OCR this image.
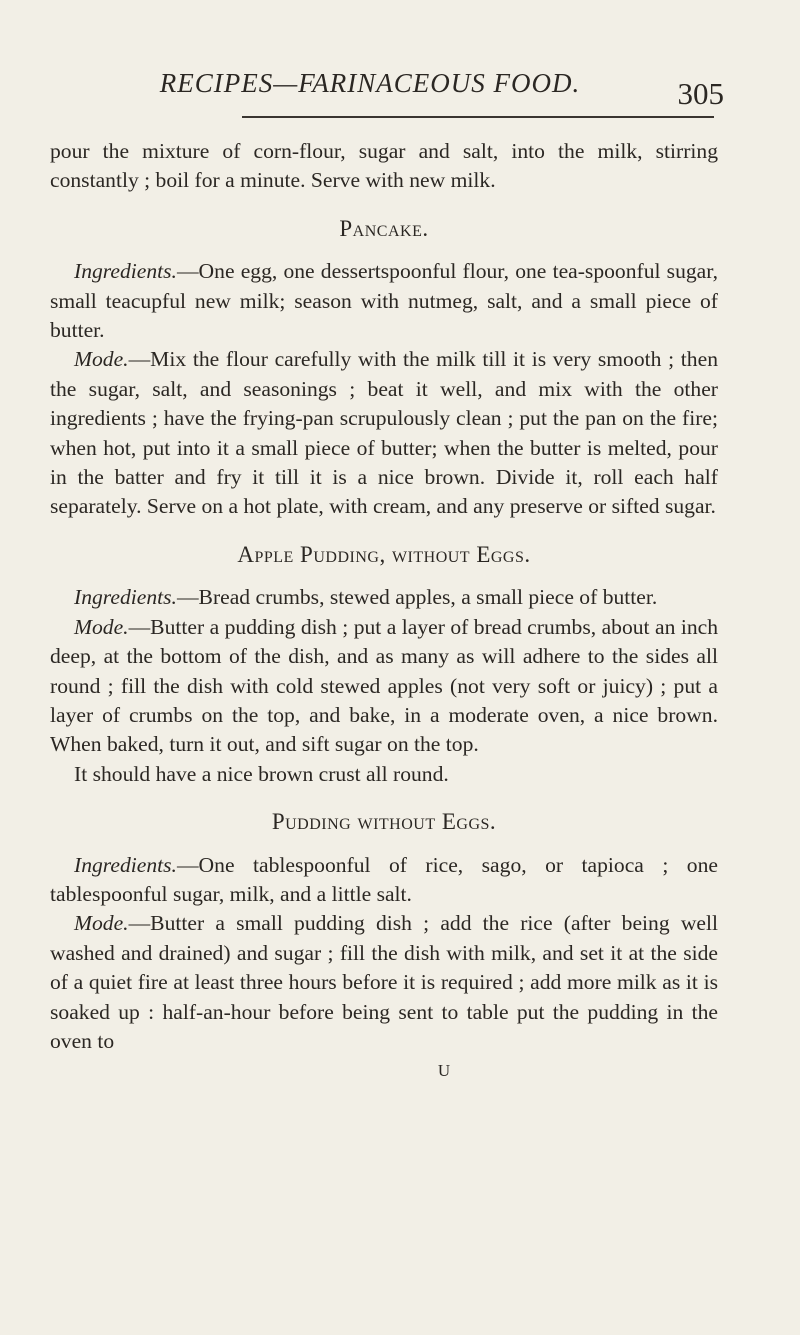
RECIPES—FARINACEOUS FOOD.	305

pour the mixture of corn-flour, sugar and salt, into the milk, stirring constantly ; boil for a minute. Serve with new milk.

Pancake.

Ingredients.—One egg, one dessertspoonful flour, one tea-spoonful sugar, small teacupful new milk; season with nutmeg, salt, and a small piece of butter.

Mode.—Mix the flour carefully with the milk till it is very smooth ; then the sugar, salt, and seasonings ; beat it well, and mix with the other ingredients ; have the frying-pan scrupulously clean ; put the pan on the fire; when hot, put into it a small piece of butter; when the butter is melted, pour in the batter and fry it till it is a nice brown. Divide it, roll each half separately. Serve on a hot plate, with cream, and any preserve or sifted sugar.

Apple Pudding, without Eggs.

Ingredients.—Bread crumbs, stewed apples, a small piece of butter.

Mode.—Butter a pudding dish ; put a layer of bread crumbs, about an inch deep, at the bottom of the dish, and as many as will adhere to the sides all round ; fill the dish with cold stewed apples (not very soft or juicy) ; put a layer of crumbs on the top, and bake, in a moderate oven, a nice brown. When baked, turn it out, and sift sugar on the top.

It should have a nice brown crust all round.

Pudding without Eggs.

Ingredients.—One tablespoonful of rice, sago, or tapioca ; one tablespoonful sugar, milk, and a little salt.

Mode.—Butter a small pudding dish ; add the rice (after being well washed and drained) and sugar ; fill the dish with milk, and set it at the side of a quiet fire at least three hours before it is required ; add more milk as it is soaked up : half-an-hour before being sent to table put the pudding in the oven to

U
